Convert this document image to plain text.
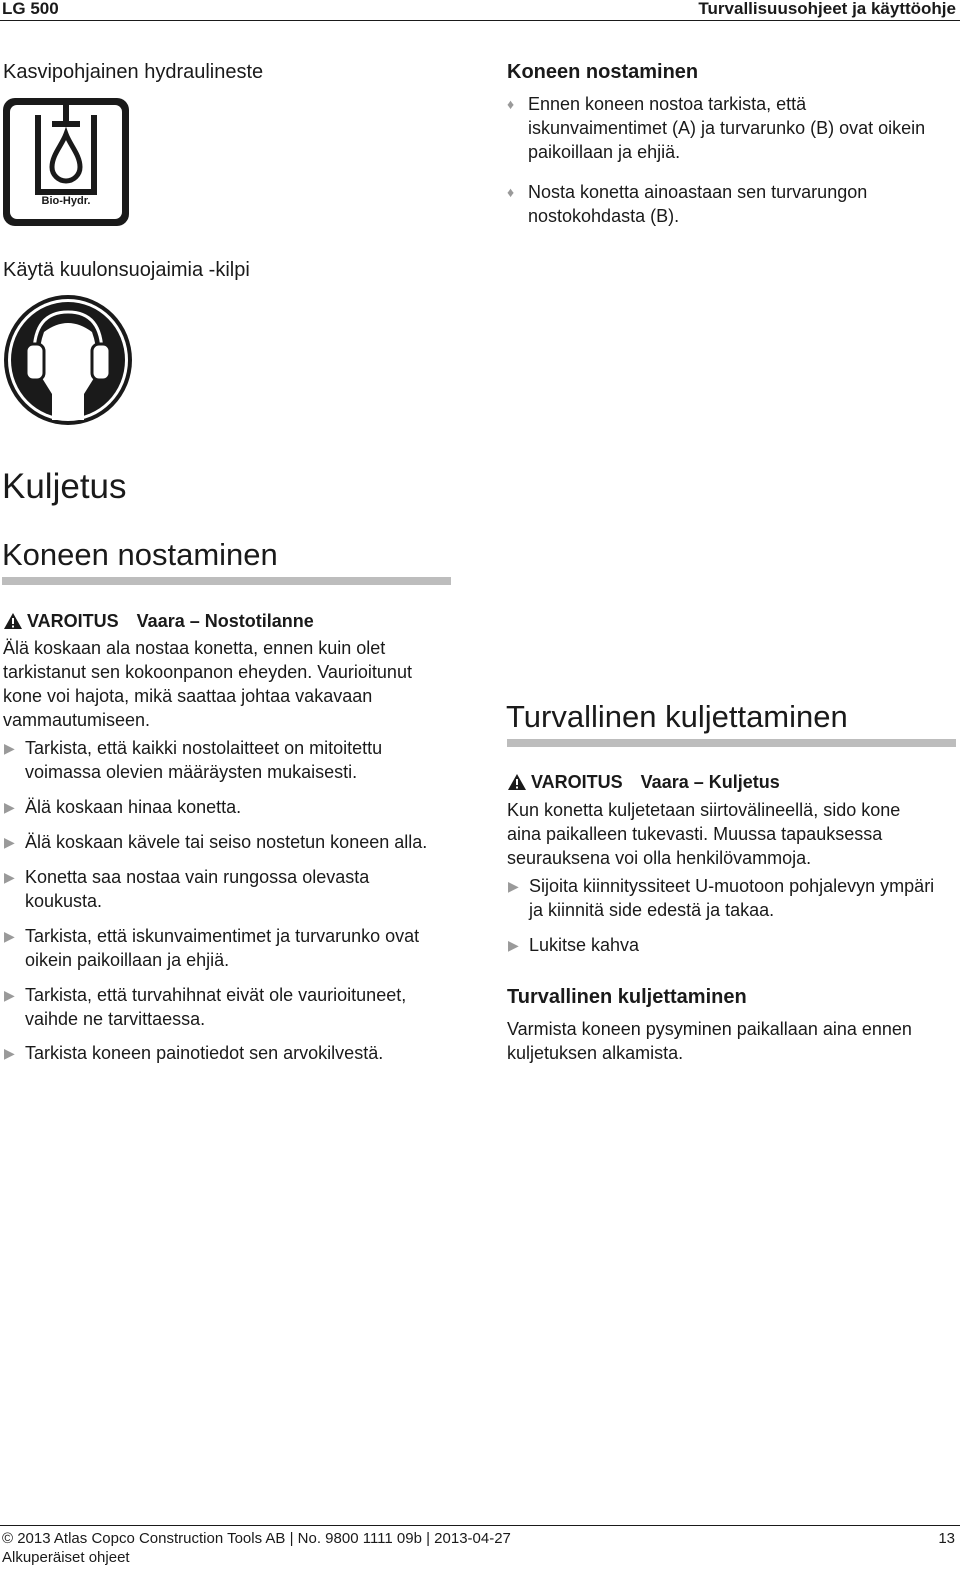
LG 500	Turvallisuusohjeet ja käyttöohje
Kasvipohjainen hydraulineste
Bio-Hydr.
Käytä kuulonsuojaimia -kilpi
Kuljetus
Koneen nostaminen
VAROITUS Vaara – Nostotilanne
Älä koskaan ala nostaa konetta, ennen kuin olet
tarkistanut sen kokoonpanon eheyden. Vaurioitunut
kone voi hajota, mikä saattaa johtaa vakavaan
vammautumiseen.
▶ Tarkista, että kaikki nostolaitteet on mitoitettu
voimassa olevien määräysten mukaisesti.
▶ Älä koskaan hinaa konetta.
▶ Älä koskaan kävele tai seiso nostetun koneen alla.
▶ Konetta saa nostaa vain rungossa olevasta
koukusta.
▶ Tarkista, että iskunvaimentimet ja turvarunko ovat
oikein paikoillaan ja ehjiä.
▶ Tarkista, että turvahihnat eivät ole vaurioituneet,
vaihde ne tarvittaessa.
▶ Tarkista koneen painotiedot sen arvokilvestä.
Koneen nostaminen
♦ Ennen koneen nostoa tarkista, että
iskunvaimentimet (A) ja turvarunko (B) ovat oikein
paikoillaan ja ehjiä.
♦ Nosta konetta ainoastaan sen turvarungon
nostokohdasta (B).
Turvallinen kuljettaminen
VAROITUS Vaara – Kuljetus
Kun konetta kuljetetaan siirtovälineellä, sido kone
aina paikalleen tukevasti. Muussa tapauksessa
seurauksena voi olla henkilövammoja.
▶ Sijoita kiinnityssiteet U-muotoon pohjalevyn ympäri
ja kiinnitä side edestä ja takaa.
▶ Lukitse kahva
Turvallinen kuljettaminen
Varmista koneen pysyminen paikallaan aina ennen
kuljetuksen alkamista.
© 2013 Atlas Copco Construction Tools AB | No. 9800 1111 09b | 2013-04-27
Alkuperäiset ohjeet
13
